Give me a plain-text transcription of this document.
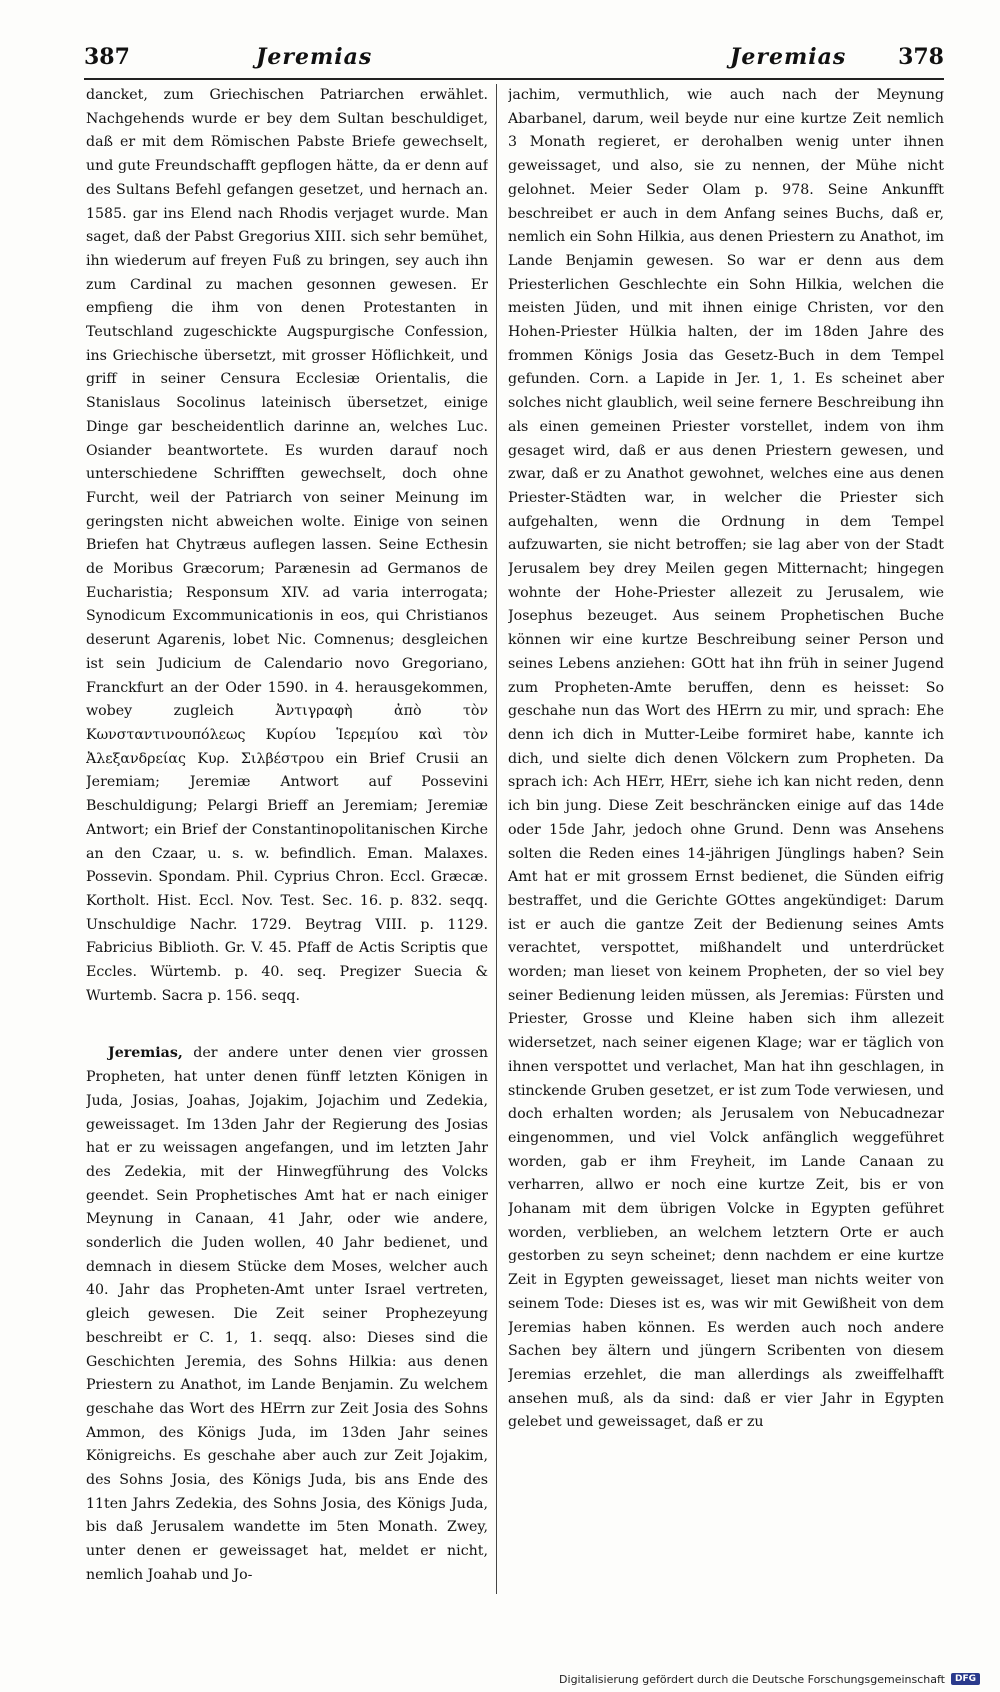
387	Jeremias	Jeremias 378

dancket, zum Griechischen Patriarchen erwählet. Nachgehends wurde er bey dem Sultan beschuldiget, daß er mit dem Römischen Pabste Briefe gewechselt, und gute Freundschafft gepflogen hätte, da er denn auf des Sultans Befehl gefangen gesetzet, und hernach an. 1585. gar ins Elend nach Rhodis verjaget wurde. Man saget, daß der Pabst Gregorius XIII. sich sehr bemühet, ihn wiederum auf freyen Fuß zu bringen, sey auch ihn zum Cardinal zu machen gesonnen gewesen. Er empfieng die ihm von denen Protestanten in Teutschland zugeschickte Augspurgische Confession, ins Griechische übersetzt, mit grosser Höflichkeit, und griff in seiner Censura Ecclesiæ Orientalis, die Stanislaus Socolinus lateinisch übersetzet, einige Dinge gar bescheidentlich darinne an, welches Luc. Osiander beantwortete. Es wurden darauf noch unterschiedene Schrifften gewechselt, doch ohne Furcht, weil der Patriarch von seiner Meinung im geringsten nicht abweichen wolte. Einige von seinen Briefen hat Chytræus auflegen lassen. Seine Ecthesin de Moribus Græcorum; Parænesin ad Germanos de Eucharistia; Responsum XIV. ad varia interrogata; Synodicum Excommunicationis in eos, qui Christianos deserunt Agarenis, lobet Nic. Comnenus; desgleichen ist sein Judicium de Calendario novo Gregoriano, Franckfurt an der Oder 1590. in 4. herausgekommen, wobey zugleich Ἀντιγραφὴ ἀπὸ τὸν Κωνσταντινουπόλεως Κυρίου Ἱερεμίου καὶ τὸν Ἀλεξανδρείας Κυρ. Σιλβέστρου ein Brief Crusii an Jeremiam; Jeremiæ Antwort auf Possevini Beschuldigung; Pelargi Brieff an Jeremiam; Jeremiæ Antwort; ein Brief der Constantinopolitanischen Kirche an den Czaar, u. s. w. befindlich. Eman. Malaxes. Possevin. Spondam. Phil. Cyprius Chron. Eccl. Græcæ. Kortholt. Hist. Eccl. Nov. Test. Sec. 16. p. 832. seqq. Unschuldige Nachr. 1729. Beytrag VIII. p. 1129. Fabricius Biblioth. Gr. V. 45. Pfaff de Actis Scriptis que Eccles. Würtemb. p. 40. seq. Pregizer Suecia & Wurtemb. Sacra p. 156. seqq.

Jeremias, der andere unter denen vier grossen Propheten, hat unter denen fünff letzten Königen in Juda, Josias, Joahas, Jojakim, Jojachim und Zedekia, geweissaget. Im 13den Jahr der Regierung des Josias hat er zu weissagen angefangen, und im letzten Jahr des Zedekia, mit der Hinwegführung des Volcks geendet. Sein Prophetisches Amt hat er nach einiger Meynung in Canaan, 41 Jahr, oder wie andere, sonderlich die Juden wollen, 40 Jahr bedienet, und demnach in diesem Stücke dem Moses, welcher auch 40. Jahr das Propheten-Amt unter Israel vertreten, gleich gewesen. Die Zeit seiner Prophezeyung beschreibt er C. 1, 1. seqq. also: Dieses sind die Geschichten Jeremia, des Sohns Hilkia: aus denen Priestern zu Anathot, im Lande Benjamin. Zu welchem geschahe das Wort des HErrn zur Zeit Josia des Sohns Ammon, des Königs Juda, im 13den Jahr seines Königreichs. Es geschahe aber auch zur Zeit Jojakim, des Sohns Josia, des Königs Juda, bis ans Ende des 11ten Jahrs Zedekia, des Sohns Josia, des Königs Juda, bis daß Jerusalem wandette im 5ten Monath. Zwey, unter denen er geweissaget hat, meldet er nicht, nemlich Joahab und Jo-

jachim, vermuthlich, wie auch nach der Meynung Abarbanel, darum, weil beyde nur eine kurtze Zeit nemlich 3 Monath regieret, er derohalben wenig unter ihnen geweissaget, und also, sie zu nennen, der Mühe nicht gelohnet. Meier Seder Olam p. 978. Seine Ankunfft beschreibet er auch in dem Anfang seines Buchs, daß er, nemlich ein Sohn Hilkia, aus denen Priestern zu Anathot, im Lande Benjamin gewesen. So war er denn aus dem Priesterlichen Geschlechte ein Sohn Hilkia, welchen die meisten Jüden, und mit ihnen einige Christen, vor den Hohen-Priester Hülkia halten, der im 18den Jahre des frommen Königs Josia das Gesetz-Buch in dem Tempel gefunden. Corn. a Lapide in Jer. 1, 1. Es scheinet aber solches nicht glaublich, weil seine fernere Beschreibung ihn als einen gemeinen Priester vorstellet, indem von ihm gesaget wird, daß er aus denen Priestern gewesen, und zwar, daß er zu Anathot gewohnet, welches eine aus denen Priester-Städten war, in welcher die Priester sich aufgehalten, wenn die Ordnung in dem Tempel aufzuwarten, sie nicht betroffen; sie lag aber von der Stadt Jerusalem bey drey Meilen gegen Mitternacht; hingegen wohnte der Hohe-Priester allezeit zu Jerusalem, wie Josephus bezeuget. Aus seinem Prophetischen Buche können wir eine kurtze Beschreibung seiner Person und seines Lebens anziehen: GOtt hat ihn früh in seiner Jugend zum Propheten-Amte beruffen, denn es heisset: So geschahe nun das Wort des HErrn zu mir, und sprach: Ehe denn ich dich in Mutter-Leibe formiret habe, kannte ich dich, und sielte dich denen Völckern zum Propheten. Da sprach ich: Ach HErr, HErr, siehe ich kan nicht reden, denn ich bin jung. Diese Zeit beschräncken einige auf das 14de oder 15de Jahr, jedoch ohne Grund. Denn was Ansehens solten die Reden eines 14-jährigen Jünglings haben? Sein Amt hat er mit grossem Ernst bedienet, die Sünden eifrig bestraffet, und die Gerichte GOttes angekündiget: Darum ist er auch die gantze Zeit der Bedienung seines Amts verachtet, verspottet, mißhandelt und unterdrücket worden; man lieset von keinem Propheten, der so viel bey seiner Bedienung leiden müssen, als Jeremias: Fürsten und Priester, Grosse und Kleine haben sich ihm allezeit widersetzet, nach seiner eigenen Klage; war er täglich von ihnen verspottet und verlachet, Man hat ihn geschlagen, in stinckende Gruben gesetzet, er ist zum Tode verwiesen, und doch erhalten worden; als Jerusalem von Nebucadnezar eingenommen, und viel Volck anfänglich weggeführet worden, gab er ihm Freyheit, im Lande Canaan zu verharren, allwo er noch eine kurtze Zeit, bis er von Johanam mit dem übrigen Volcke in Egypten geführet worden, verblieben, an welchem letztern Orte er auch gestorben zu seyn scheinet; denn nachdem er eine kurtze Zeit in Egypten geweissaget, lieset man nichts weiter von seinem Tode: Dieses ist es, was wir mit Gewißheit von dem Jeremias haben können. Es werden auch noch andere Sachen bey ältern und jüngern Scribenten von diesem Jeremias erzehlet, die man allerdings als zweiffelhafft ansehen muß, als da sind: daß er vier Jahr in Egypten gelebet und geweissaget, daß er zu

Digitalisierung gefördert durch die Deutsche Forschungsgemeinschaft	DFG
